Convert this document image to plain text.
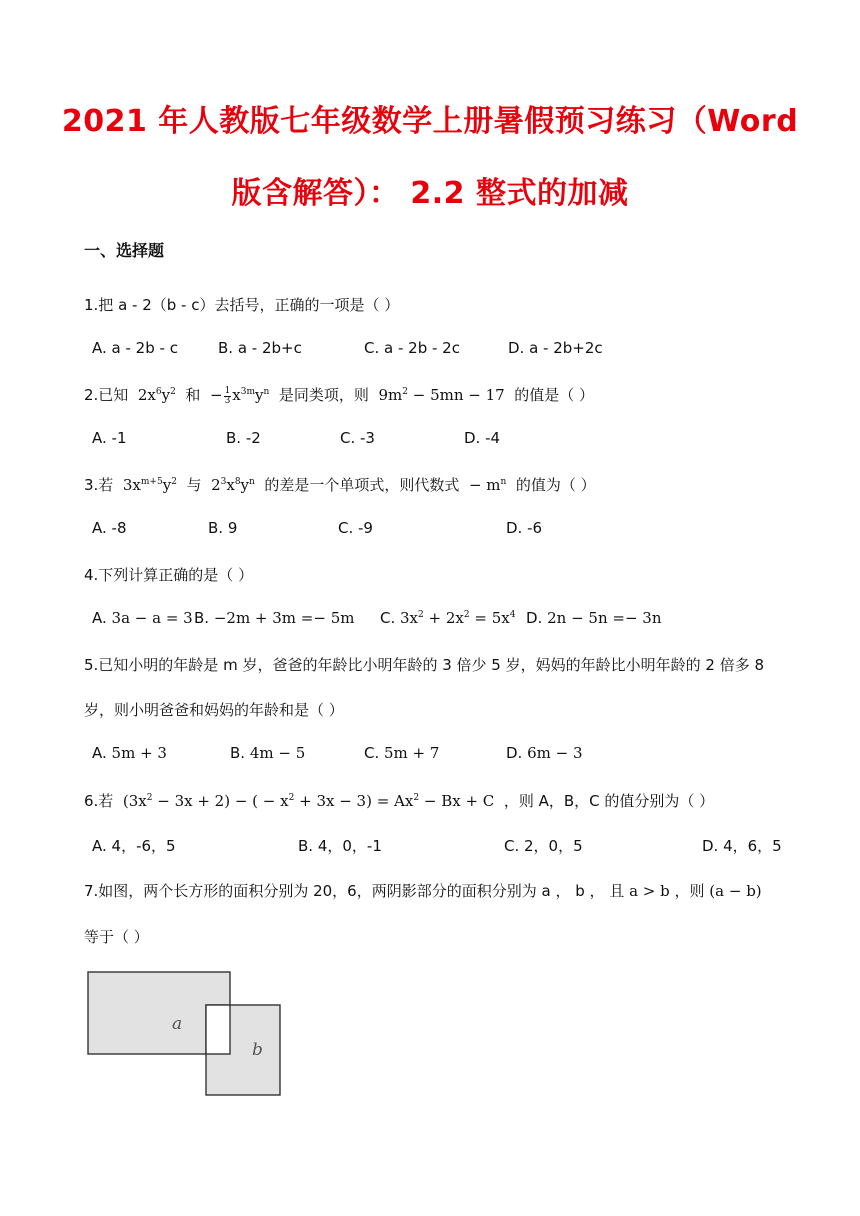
2021 年人教版七年级数学上册暑假预习练习（Word
版含解答）： 2.2 整式的加减
一、选择题
1.把 a - 2（b - c）去括号，正确的一项是（ ）
A. a - 2b - c	B. a - 2b+c	C. a - 2b - 2c	D. a - 2b+2c
2.已知 $2x^6y^2$ 和 − $\frac{1}{3} x^{3m}y^n$ 是同类项，则 $9m^2 - 5mn - 17$ 的值是（ ）
A. -1	B. -2	C. -3	D. -4
3.若 $3x^{m+5}y^2$ 与 $2^3x^8y^n$ 的差是一个单项式，则代数式 − $m^n$ 的值为（ ）
A. -8	B. 9	C. -9	D. -6
4.下列计算正确的是（ ）
A. 3a − a = 3 B. −2m + 3m =− 5m C. $3x^2 + 2x^2 = 5x^4$ D. 2n − 5n =− 3n
5.已知小明的年龄是 m 岁，爸爸的年龄比小明年龄的 3 倍少 5 岁，妈妈的年龄比小明年龄的 2 倍多 8
岁，则小明爸爸和妈妈的年龄和是（ ）
A. 5m + 3	B. 4m − 5	C. 5m + 7	D. 6m − 3
6.若 $(3x^2 - 3x + 2)$ − ( − $x^2 + 3x - 3) = Ax^2 - Bx + C$ ，则 A，B，C 的值分别为（ ）
A. 4，-6，5	B. 4，0，-1	C. 2，0，5	D. 4，6，5
7.如图，两个长方形的面积分别为 20，6，两阴影部分的面积分别为 a ， b ， 且 a > b ，则 (a − b)
等于（ ）
a
b
